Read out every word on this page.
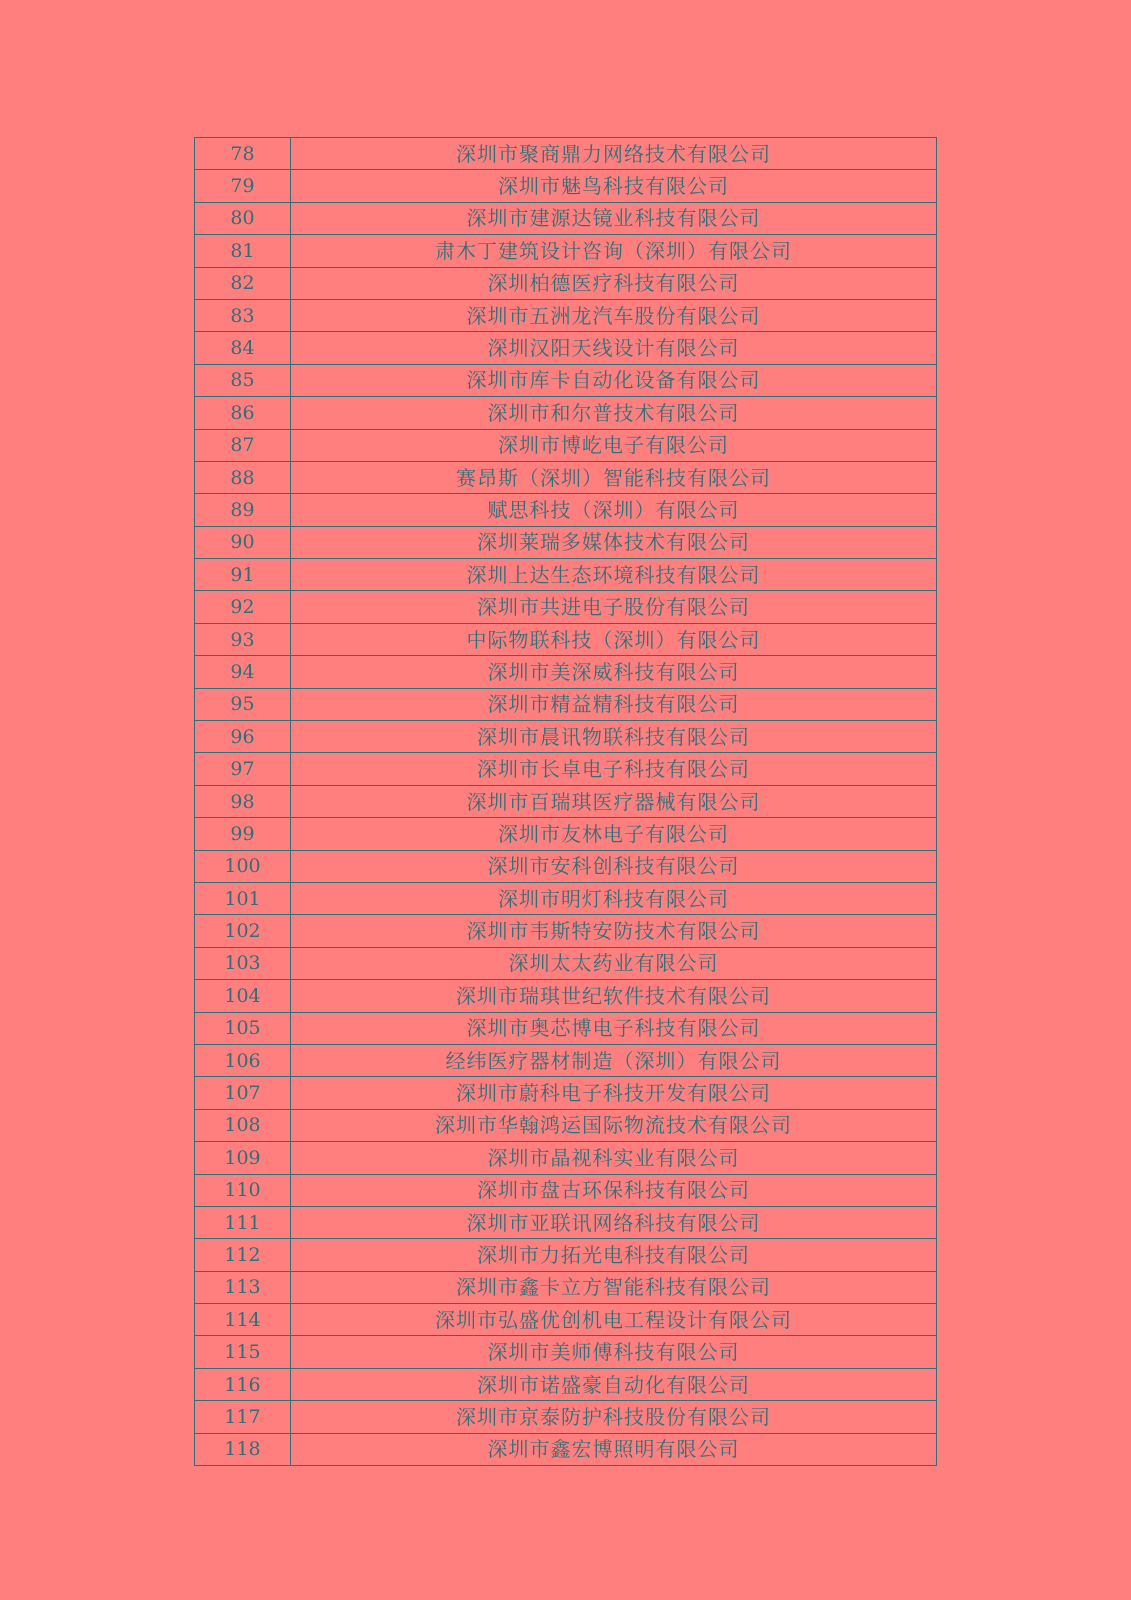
78	深圳市聚商鼎力网络技术有限公司
79	深圳市魅鸟科技有限公司
80	深圳市建源达镜业科技有限公司
81	肃木丁建筑设计咨询（深圳）有限公司
82	深圳柏德医疗科技有限公司
83	深圳市五洲龙汽车股份有限公司
84	深圳汉阳天线设计有限公司
85	深圳市库卡自动化设备有限公司
86	深圳市和尔普技术有限公司
87	深圳市博屹电子有限公司
88	赛昂斯（深圳）智能科技有限公司
89	赋思科技（深圳）有限公司
90	深圳莱瑞多媒体技术有限公司
91	深圳上达生态环境科技有限公司
92	深圳市共进电子股份有限公司
93	中际物联科技（深圳）有限公司
94	深圳市美深威科技有限公司
95	深圳市精益精科技有限公司
96	深圳市晨讯物联科技有限公司
97	深圳市长卓电子科技有限公司
98	深圳市百瑞琪医疗器械有限公司
99	深圳市友林电子有限公司
100	深圳市安科创科技有限公司
101	深圳市明灯科技有限公司
102	深圳市韦斯特安防技术有限公司
103	深圳太太药业有限公司
104	深圳市瑞琪世纪软件技术有限公司
105	深圳市奥芯博电子科技有限公司
106	经纬医疗器材制造（深圳）有限公司
107	深圳市蔚科电子科技开发有限公司
108	深圳市华翰鸿运国际物流技术有限公司
109	深圳市晶视科实业有限公司
110	深圳市盘古环保科技有限公司
111	深圳市亚联讯网络科技有限公司
112	深圳市力拓光电科技有限公司
113	深圳市鑫卡立方智能科技有限公司
114	深圳市弘盛优创机电工程设计有限公司
115	深圳市美师傅科技有限公司
116	深圳市诺盛豪自动化有限公司
117	深圳市京泰防护科技股份有限公司
118	深圳市鑫宏博照明有限公司
